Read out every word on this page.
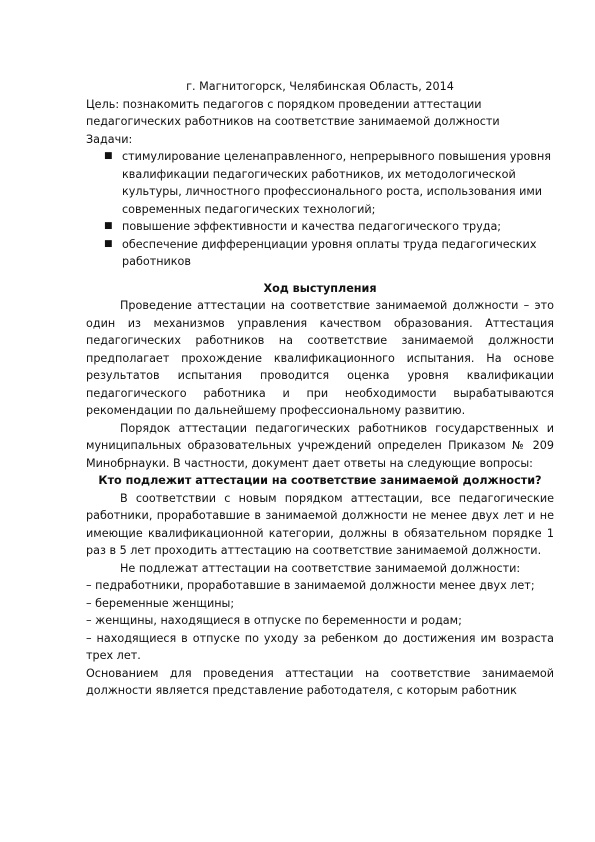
г. Магнитогорск, Челябинская Область, 2014

Цель: познакомить педагогов с порядком проведении аттестации педагогических работников на соответствие занимаемой должности

Задачи:

■ стимулирование целенаправленного, непрерывного повышения уровня квалификации педагогических работников, их методологической культуры, личностного профессионального роста, использования ими современных педагогических технологий;
■ повышение эффективности и качества педагогического труда;
■ обеспечение дифференциации уровня оплаты труда педагогических работников

Ход выступления

Проведение аттестации на соответствие занимаемой должности – это один из механизмов управления качеством образования. Аттестация педагогических работников на соответствие занимаемой должности предполагает прохождение квалификационного испытания. На основе результатов испытания проводится оценка уровня квалификации педагогического работника и при необходимости вырабатываются рекомендации по дальнейшему профессиональному развитию.

Порядок аттестации педагогических работников государственных и муниципальных образовательных учреждений определен Приказом № 209 Минобрнауки. В частности, документ дает ответы на следующие вопросы:

Кто подлежит аттестации на соответствие занимаемой должности?

В соответствии с новым порядком аттестации, все педагогические работники, проработавшие в занимаемой должности не менее двух лет и не имеющие квалификационной категории, должны в обязательном порядке 1 раз в 5 лет проходить аттестацию на соответствие занимаемой должности.

Не подлежат аттестации на соответствие занимаемой должности:

– педработники, проработавшие в занимаемой должности менее двух лет;

– беременные женщины;

– женщины, находящиеся в отпуске по беременности и родам;

– находящиеся в отпуске по уходу за ребенком до достижения им возраста трех лет.

Основанием для проведения аттестации на соответствие занимаемой должности является представление работодателя, с которым работник
